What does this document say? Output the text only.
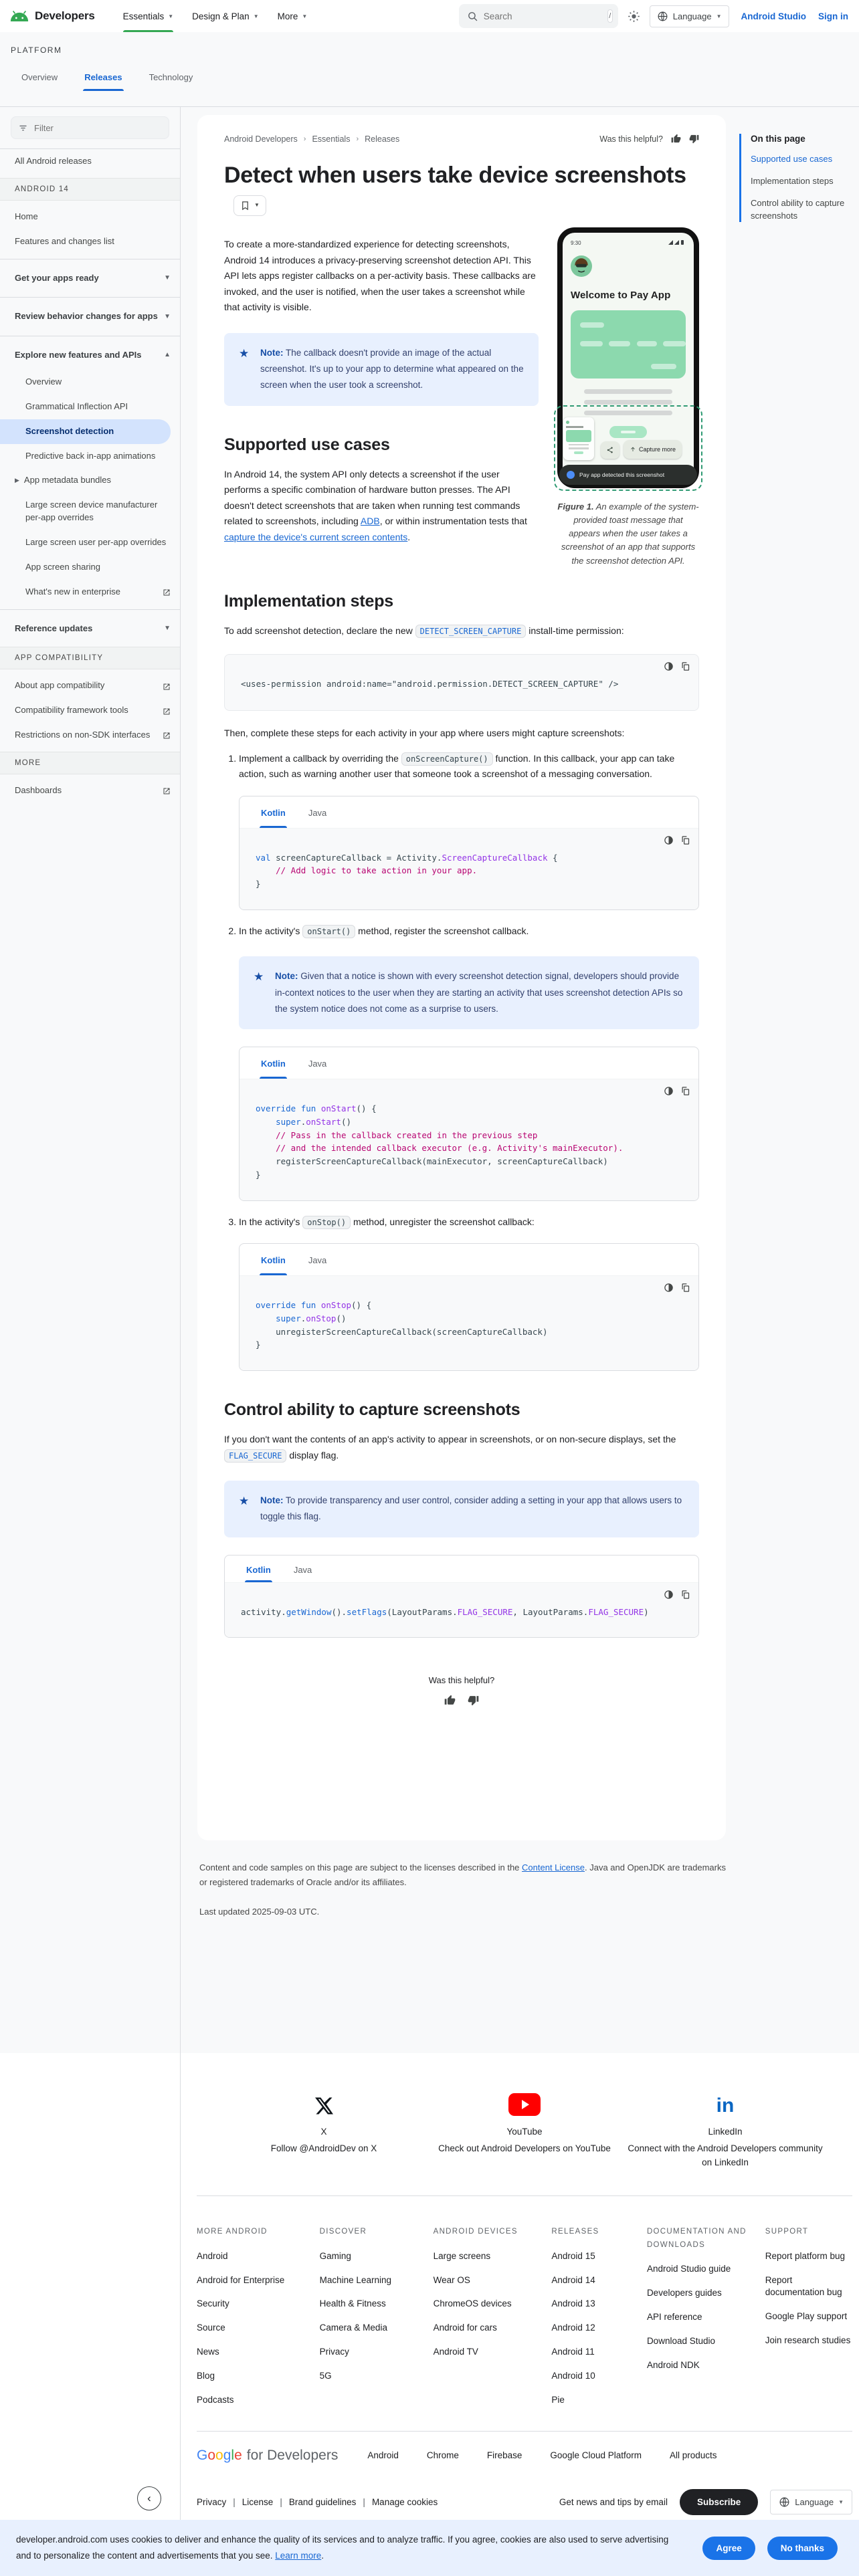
Developers	Essentials ▼ Design & Plan ▼ More ▼
Search	/	Language ▼ Android Studio Sign in
PLATFORM
Overview	Releases	Technology
Filter
All Android releases
ANDROID 14
Home
Features and changes list
Get your apps ready	▼
Review behavior changes for apps ▼
Explore new features and APIs	▲
Overview
Grammatical Inflection API
Screenshot detection
Predictive back in-app animations
▶ App metadata bundles
Large screen device manufacturer per-app overrides
Large screen user per-app overrides
App screen sharing
What's new in enterprise
Reference updates	▼
APP COMPATIBILITY
About app compatibility
Compatibility framework tools
Restrictions on non-SDK interfaces
MORE
Dashboards
Android Developers › Essentials › Releases	Was this helpful?
Detect when users take device screenshots
▼
9:30
Welcome to Pay App
Capture more
Pay app detected this screenshot
Figure 1. An example of the system-provided toast message that appears when the user takes a screenshot of an app that supports the screenshot detection API.

To create a more-standardized experience for detecting screenshots, Android 14 introduces a privacy-preserving screenshot detection API. This API lets apps register callbacks on a per-activity basis. These callbacks are invoked, and the user is notified, when the user takes a screenshot while that activity is visible.

★ Note: The callback doesn't provide an image of the actual screenshot. It's up to your app to determine what appeared on the screen when the user took a screenshot.
Supported use cases

In Android 14, the system API only detects a screenshot if the user performs a specific combination of hardware button presses. The API doesn't detect screenshots that are taken when running test commands related to screenshots, including ADB, or within instrumentation tests that capture the device's current screen contents.

Implementation steps

To add screenshot detection, declare the new DETECT_SCREEN_CAPTURE install-time permission:

<uses-permission android:name="android.permission.DETECT_SCREEN_CAPTURE" />

Then, complete these steps for each activity in your app where users might capture screenshots:

1. Implement a callback by overriding the onScreenCapture() function. In this callback, your app can take action, such as warning another user that someone took a screenshot of a messaging conversation.
Kotlin	Java
val screenCaptureCallback = Activity.ScreenCaptureCallback {
// Add logic to take action in your app.
}
2. In the activity's onStart() method, register the screenshot callback.
★ Note: Given that a notice is shown with every screenshot detection signal, developers should provide in-context notices to the user when they are starting an activity that uses screenshot detection APIs so the system notice does not come as a surprise to users.
Kotlin	Java
override fun onStart() {
super.onStart()
// Pass in the callback created in the previous step
// and the intended callback executor (e.g. Activity's mainExecutor).
registerScreenCaptureCallback(mainExecutor, screenCaptureCallback)
}
3. In the activity's onStop() method, unregister the screenshot callback:
Kotlin	Java
override fun onStop() {
super.onStop()
unregisterScreenCaptureCallback(screenCaptureCallback)
}
Control ability to capture screenshots

If you don't want the contents of an app's activity to appear in screenshots, or on non-secure displays, set the FLAG_SECURE display flag.

★ Note: To provide transparency and user control, consider adding a setting in your app that allows users to toggle this flag.
Kotlin	Java
activity.getWindow().setFlags(LayoutParams.FLAG_SECURE, LayoutParams.FLAG_SECURE)
Was this helpful?
Content and code samples on this page are subject to the licenses described in the Content License. Java and OpenJDK are trademarks or registered trademarks of Oracle and/or its affiliates.
Last updated 2025-09-03 UTC.
On this page
Supported use cases
Implementation steps
Control ability to capture screenshots
‹
X
Follow @AndroidDev on X
YouTube
Check out Android Developers on YouTube
in
LinkedIn
Connect with the Android Developers community on LinkedIn
MORE ANDROID
Android
Android for Enterprise
Security
Source
News
Blog
Podcasts
DISCOVER
Gaming
Machine Learning
Health & Fitness
Camera & Media
Privacy
5G
ANDROID DEVICES
Large screens
Wear OS
ChromeOS devices
Android for cars
Android TV
RELEASES
Android 15
Android 14
Android 13
Android 12
Android 11
Android 10
Pie
DOCUMENTATION AND DOWNLOADS
Android Studio guide
Developers guides
API reference
Download Studio
Android NDK
SUPPORT
Report platform bug
Report documentation bug
Google Play support
Join research studies
Google for Developers	Android	Chrome	Firebase	Google Cloud Platform	All products
Privacy | License | Brand guidelines | Manage cookies	Get news and tips by email	Subscribe	Language ▼
developer.android.com uses cookies to deliver and enhance the quality of its services and to analyze traffic. If you agree, cookies are also used to serve advertising and to personalize the content and advertisements that you see. Learn more.
Agree	No thanks
